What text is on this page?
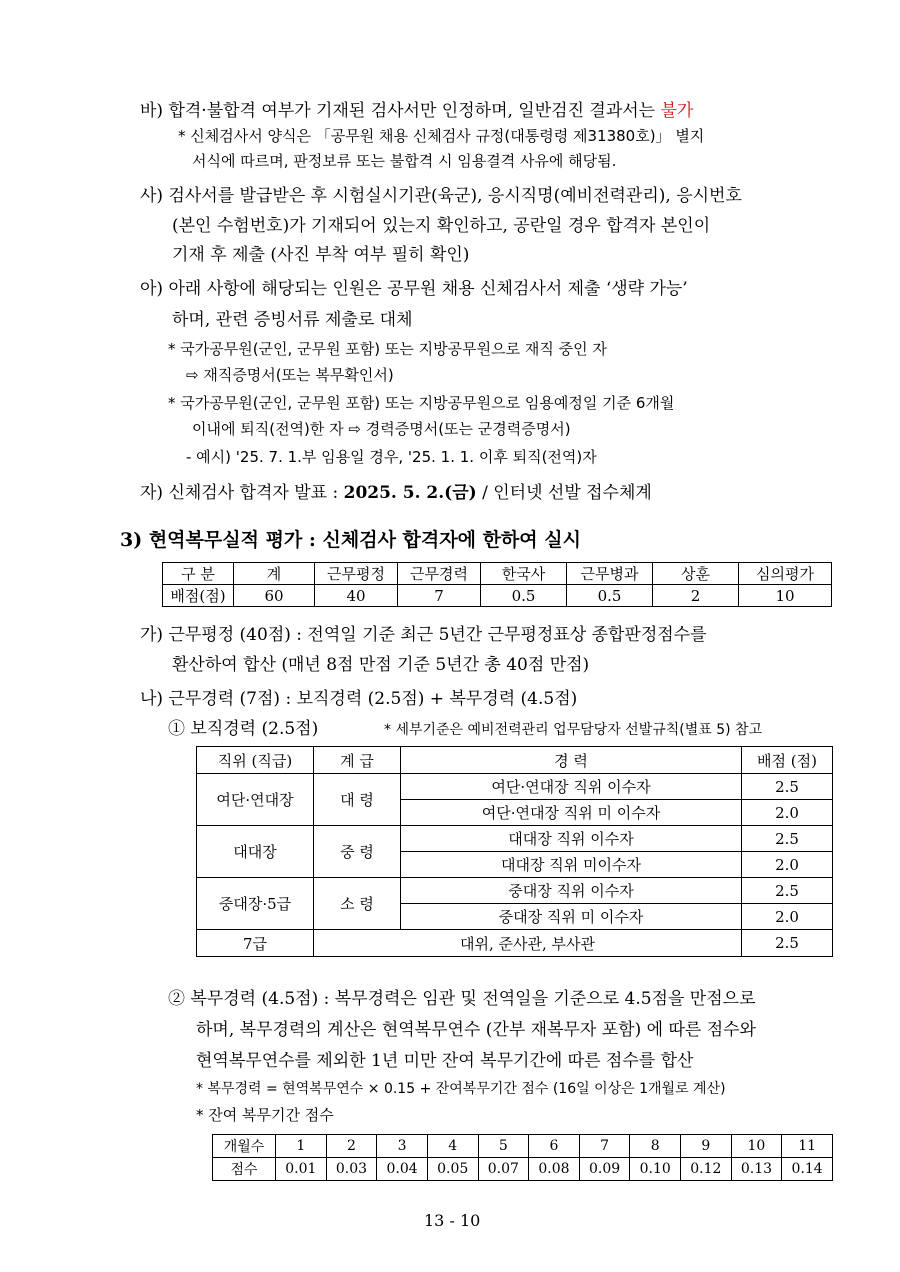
바) 합격·불합격 여부가 기재된 검사서만 인정하며, 일반검진 결과서는 불가
* 신체검사서 양식은 「공무원 채용 신체검사 규정(대통령령 제31380호)」 별지
서식에 따르며, 판정보류 또는 불합격 시 임용결격 사유에 해당됨.
사) 검사서를 발급받은 후 시험실시기관(육군), 응시직명(예비전력관리), 응시번호
(본인 수험번호)가 기재되어 있는지 확인하고, 공란일 경우 합격자 본인이
기재 후 제출 (사진 부착 여부 필히 확인)
아) 아래 사항에 해당되는 인원은 공무원 채용 신체검사서 제출 ‘생략 가능’
하며, 관련 증빙서류 제출로 대체
* 국가공무원(군인, 군무원 포함) 또는 지방공무원으로 재직 중인 자
⇨ 재직증명서(또는 복무확인서)
* 국가공무원(군인, 군무원 포함) 또는 지방공무원으로 임용예정일 기준 6개월
이내에 퇴직(전역)한 자 ⇨ 경력증명서(또는 군경력증명서)
- 예시) '25. 7. 1.부 임용일 경우, '25. 1. 1. 이후 퇴직(전역)자
자) 신체검사 합격자 발표 : 2025. 5. 2.(금) / 인터넷 선발 접수체계
3) 현역복무실적 평가 : 신체검사 합격자에 한하여 실시
구 분	계	근무평정	근무경력	한국사	근무병과	상훈	심의평가
배점(점)	60	40	7	0.5	0.5	2	10
가) 근무평정 (40점) : 전역일 기준 최근 5년간 근무평정표상 종합판정점수를
환산하여 합산 (매년 8점 만점 기준 5년간 총 40점 만점)
나) 근무경력 (7점) : 보직경력 (2.5점) + 복무경력 (4.5점)
① 보직경력 (2.5점)	* 세부기준은 예비전력관리 업무담당자 선발규칙(별표 5) 참고
직위 (직급)	계 급	경 력	배점 (점)
여단·연대장	대 령	여단·연대장 직위 이수자	2.5
		여단·연대장 직위 미 이수자	2.0
대대장	중 령	대대장 직위 이수자	2.5
		대대장 직위 미이수자	2.0
중대장·5급	소 령	중대장 직위 이수자	2.5
		중대장 직위 미 이수자	2.0
7급	대위, 준사관, 부사관		2.5
② 복무경력 (4.5점) : 복무경력은 임관 및 전역일을 기준으로 4.5점을 만점으로
하며, 복무경력의 계산은 현역복무연수 (간부 재복무자 포함) 에 따른 점수와
현역복무연수를 제외한 1년 미만 잔여 복무기간에 따른 점수를 합산
* 복무경력 = 현역복무연수 × 0.15 + 잔여복무기간 점수 (16일 이상은 1개월로 계산)
* 잔여 복무기간 점수
개월수	1	2	3	4	5	6	7	8	9	10	11
점수	0.01	0.03	0.04	0.05	0.07	0.08	0.09	0.10	0.12	0.13	0.14
13 - 10
